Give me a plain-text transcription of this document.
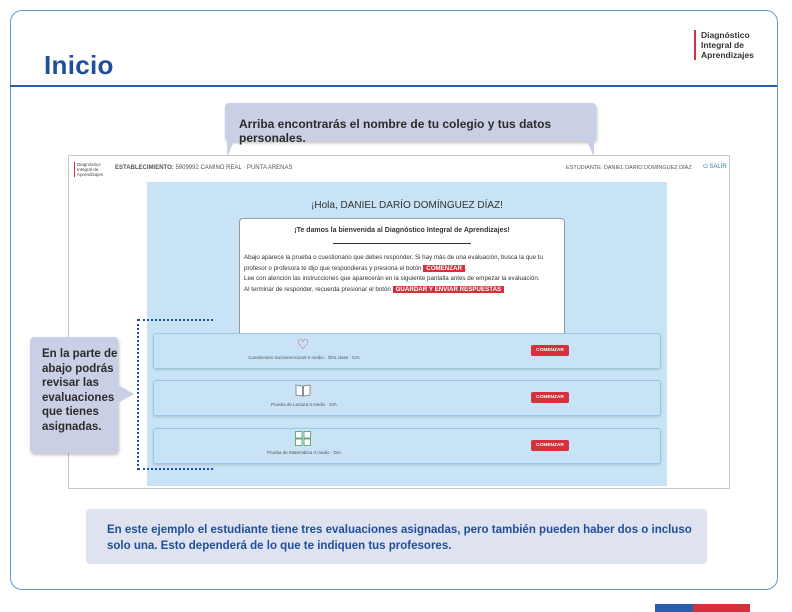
Inicio
Diagnóstico
Integral de
Aprendizajes
Arriba encontrarás el nombre de tu colegio y tus datos personales.
Diagnóstico
Integral de
Aprendizajes
ESTABLECIMIENTO: 5909992 CAMINO REAL · PUNTA ARENAS	ESTUDIANTE: DANIEL DARÍO DOMÍNGUEZ DÍAZ ⏻ SALIR
¡Hola, DANIEL DARÍO DOMÍNGUEZ DÍAZ!
¡Te damos la bienvenida al Diagnóstico Integral de Aprendizajes!
Abajo aparece la prueba o cuestionario que debes responder. Si hay más de una evaluación, busca la que tu profesor o profesora te dijo que respondieras y presiona el botón COMENZAR .
Lee con atención las instrucciones que aparecerán en la siguiente pantalla antes de empezar la evaluación.
Al terminar de responder, recuerda presionar el botón GUARDAR Y ENVIAR RESPUESTAS
♡
Cuestionario Socioemocional II medio · Otra clase · DIA
COMENZAR
Prueba de Lectura II medio · DIA
COMENZAR
Prueba de Matemática II medio · DIA
COMENZAR
En la parte de abajo podrás revisar las evaluaciones que tienes asignadas.
En este ejemplo el estudiante tiene tres evaluaciones asignadas, pero también pueden haber dos o incluso solo una. Esto dependerá de lo que te indiquen tus profesores.
